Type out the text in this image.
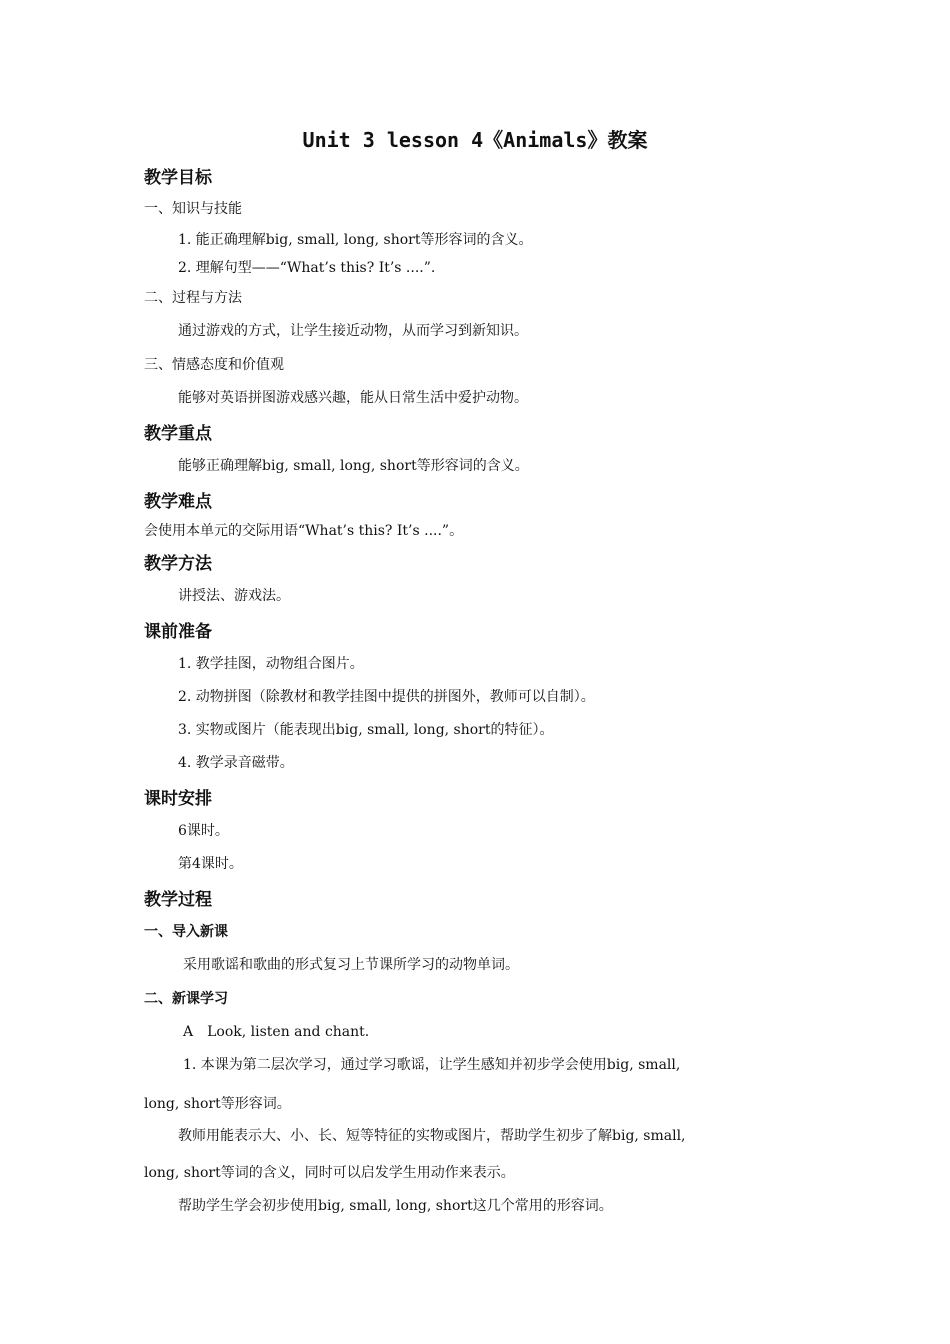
Unit 3 lesson 4《Animals》教案
教学目标
一、知识与技能
1. 能正确理解big, small, long, short等形容词的含义。
2. 理解句型——“What’s this? It’s ....”.
二、过程与方法
通过游戏的方式，让学生接近动物，从而学习到新知识。
三、情感态度和价值观
能够对英语拼图游戏感兴趣，能从日常生活中爱护动物。
教学重点
能够正确理解big, small, long, short等形容词的含义。
教学难点
会使用本单元的交际用语“What’s this? It’s ....”。
教学方法
讲授法、游戏法。
课前准备
1. 教学挂图，动物组合图片。
2. 动物拼图（除教材和教学挂图中提供的拼图外，教师可以自制）。
3. 实物或图片（能表现出big, small, long, short的特征）。
4. 教学录音磁带。
课时安排
6课时。
第4课时。
教学过程
一、导入新课
采用歌谣和歌曲的形式复习上节课所学习的动物单词。
二、新课学习
A　Look, listen and chant.
1. 本课为第二层次学习，通过学习歌谣，让学生感知并初步学会使用big, small,
long, short等形容词。
教师用能表示大、小、长、短等特征的实物或图片，帮助学生初步了解big, small,
long, short等词的含义，同时可以启发学生用动作来表示。
帮助学生学会初步使用big, small, long, short这几个常用的形容词。
